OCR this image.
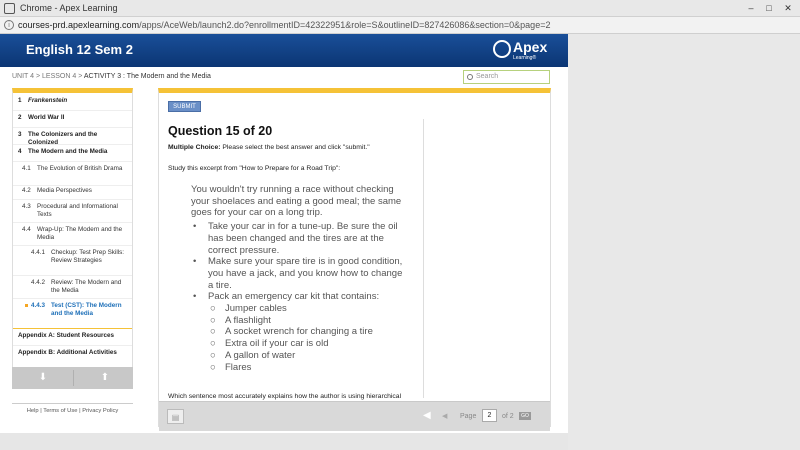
Chrome - Apex Learning	–	□	✕
i courses-prd.apexlearning.com/apps/AceWeb/launch2.do?enrollmentID=42322951&role=S&outlineID=827426086&section=0&page=2
English 12 Sem 2	Apex
Learning®
UNIT 4 > LESSON 4 > ACTIVITY 3 : The Modern and the Media	Search
1 Frankenstein
2 World War II
3 The Colonizers and the Colonized
4 The Modern and the Media
4.1 The Evolution of British Drama
4.2 Media Perspectives
4.3 Procedural and Informational Texts
4.4 Wrap-Up: The Modern and the Media
4.4.1 Checkup: Test Prep Skills: Review Strategies
4.4.2 Review: The Modern and the Media
4.4.3 Test (CST): The Modern and the Media
Appendix A: Student Resources
Appendix B: Additional Activities
⬇	⬆
Help | Terms of Use | Privacy Policy
SUBMIT
Question 15 of 20
Multiple Choice: Please select the best answer and click "submit."
Study this excerpt from "How to Prepare for a Road Trip":
You wouldn't try running a race without checking your shoelaces and eating a good meal; the same goes for your car on a long trip.
• Take your car in for a tune-up. Be sure the oil has been changed and the tires are at the correct pressure.
• Make sure your spare tire is in good condition, you have a jack, and you know how to change a tire.
• Pack an emergency car kit that contains:
○ Jumper cables
○ A flashlight
○ A socket wrench for changing a tire
○ Extra oil if your car is old
○ A gallon of water
○ Flares
Which sentence most accurately explains how the author is using hierarchical
▤	◀ ◀ Page	2	of 2	GO
